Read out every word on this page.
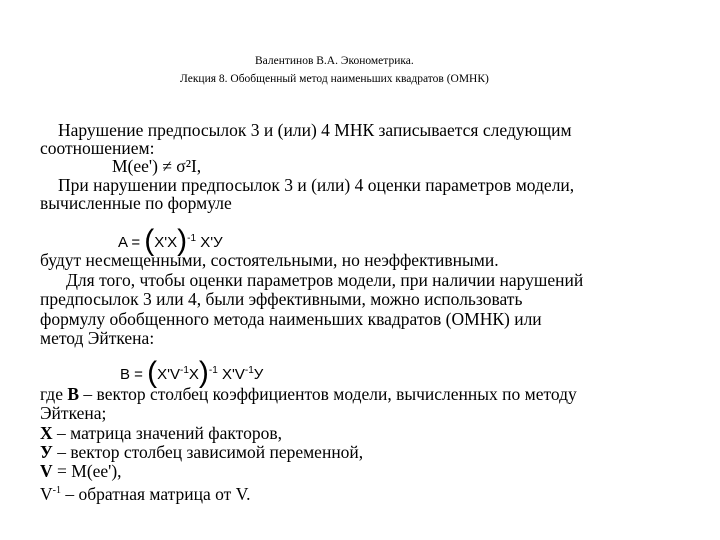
Валентинов В.А. Эконометрика.
Лекция 8. Обобщенный метод наименьших квадратов (ОМНК)
Нарушение предпосылок 3 и (или) 4 МНК записывается следующим
соотношением:
M(ee') ≠ σ²I,
При нарушении предпосылок 3 и (или) 4 оценки параметров модели,
вычисленные по формуле
$A = (X'X)^{-1}$ X'У
будут несмещенными, состоятельными, но неэффективными.
Для того, чтобы оценки параметров модели, при наличии нарушений
предпосылок 3 или 4, были эффективными, можно использовать
формулу обобщенного метода наименьших квадратов (ОМНК) или
метод Эйткена:
$B = (X'V^{-1}X)^{-1}$ $X'V^{-1}У$
где В – вектор столбец коэффициентов модели, вычисленных по методу
Эйткена;
Х – матрица значений факторов,
У – вектор столбец зависимой переменной,
V = M(ee'),
$V^{-1}$ – обратная матрица от V.
